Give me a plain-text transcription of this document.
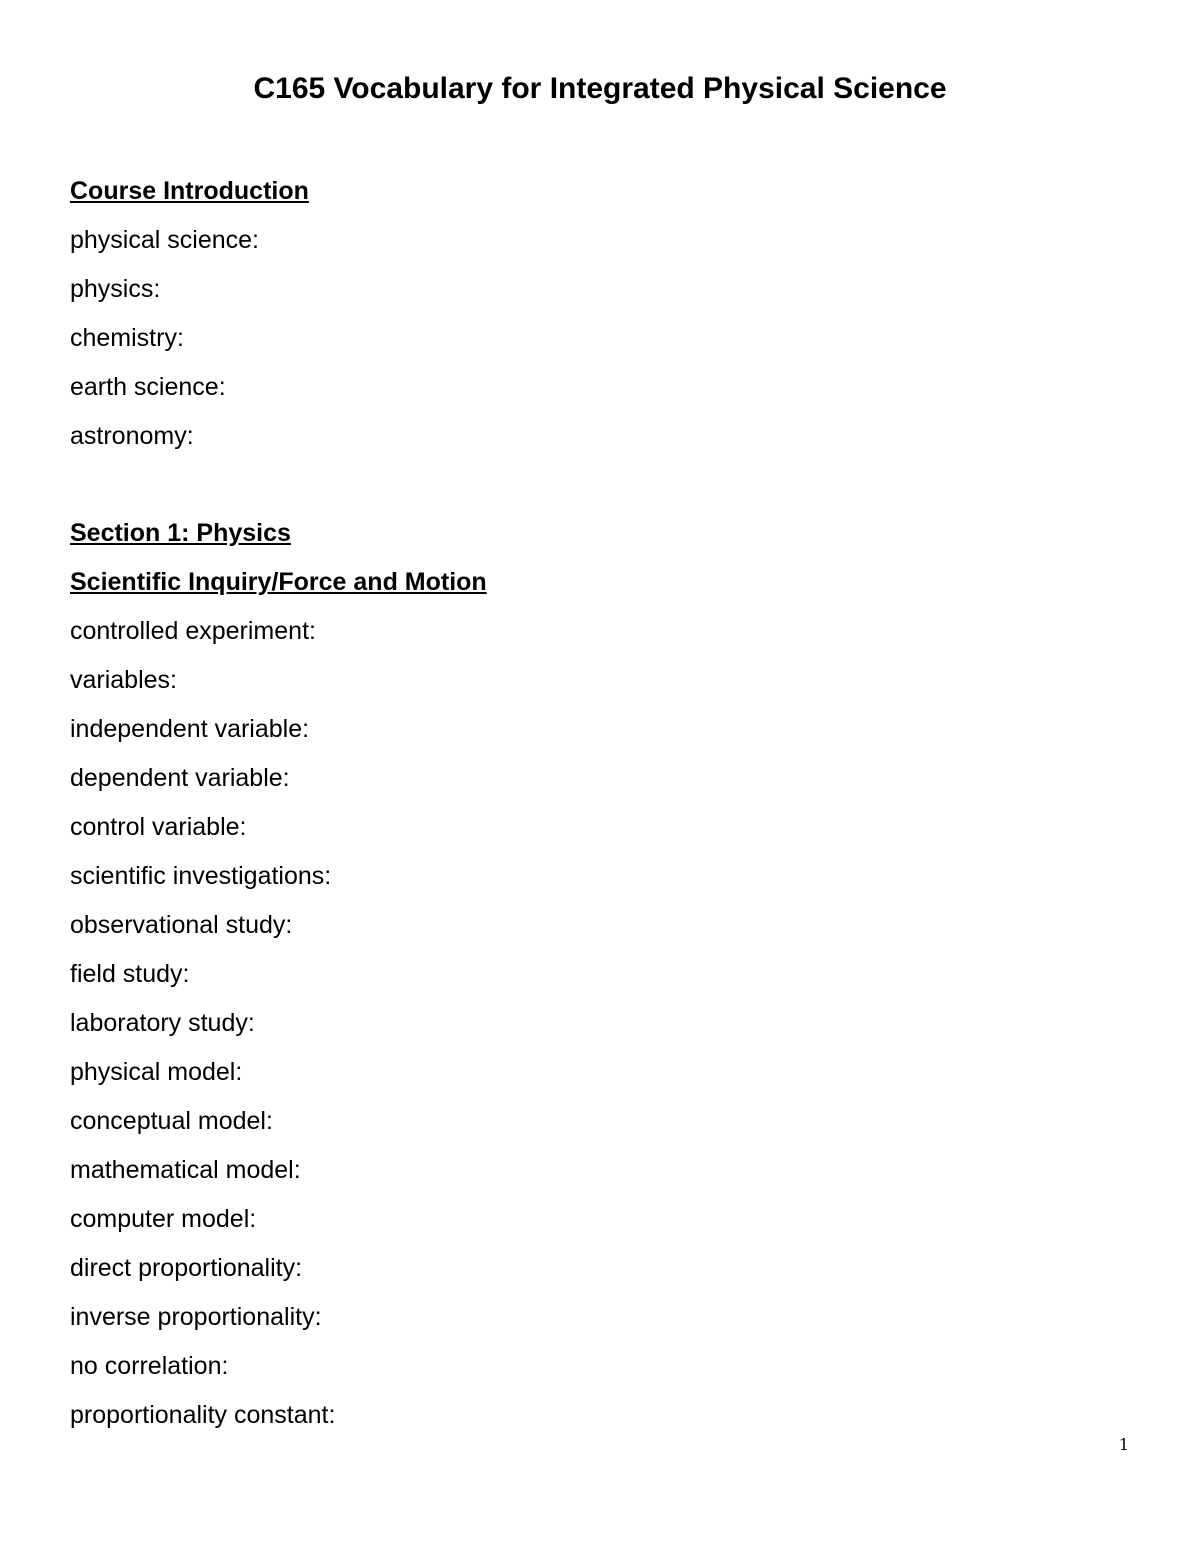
C165 Vocabulary for Integrated Physical Science
Course Introduction
physical science:
physics:
chemistry:
earth science:
astronomy:
Section 1: Physics
Scientific Inquiry/Force and Motion
controlled experiment:
variables:
independent variable:
dependent variable:
control variable:
scientific investigations:
observational study:
field study:
laboratory study:
physical model:
conceptual model:
mathematical model:
computer model:
direct proportionality:
inverse proportionality:
no correlation:
proportionality constant:
1
